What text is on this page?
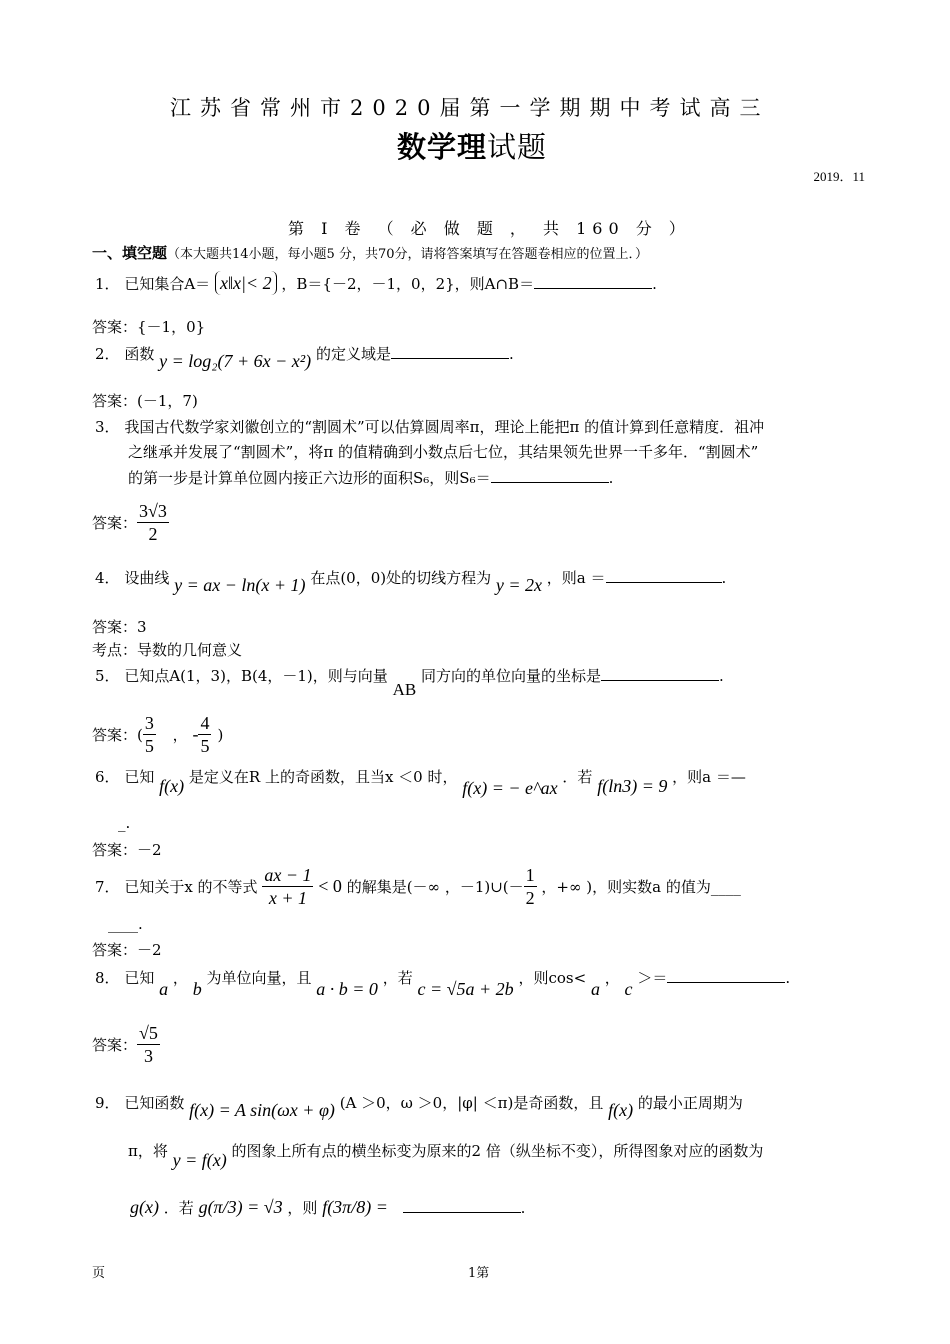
江苏省常州市2020届第一学期期中考试高三
数学理试题
2019．11
第 I 卷 （ 必 做 题 ， 共 160 分 ）
一、填空题（本大题共14小题，每小题5 分，共70分，请将答案填写在答题卷相应的位置上．）
1． 已知集合A＝ x‖x|< 2 ，B＝{－2，－1，0，2}，则A∩B＝	.
答案：{－1，0}
2． 函数 y = log₂(7 + 6x − x²) 的定义域是	.
答案：(－1，7)
3． 我国古代数学家刘徽创立的“割圆术”可以估算圆周率π，理论上能把π 的值计算到任意精度．祖冲
之继承并发展了“割圆术”，将π 的值精确到小数点后七位，其结果领先世界一千多年．“割圆术”
的第一步是计算单位圆内接正六边形的面积S₆，则S₆＝	.
答案： $\frac{3√3}{2}$
4． 设曲线 y = ax − ln(x + 1) 在点(0，0)处的切线方程为 y = 2x ，则a ＝	.
答案：3
考点：导数的几何意义
5． 已知点A(1，3)，B(4，－1)，则与向量 AB 同方向的单位向量的坐标是	.
答案：( $\frac{3}{5}$ ， - $\frac{4}{5}$ )
6． 已知 f(x) 是定义在R 上的奇函数，且当x ＜0 时， f(x) = − e^ax ．若 f(ln3) = 9 ，则a ＝—
_.
答案：－2
7． 已知关于x 的不等式 $\frac{ax - 1}{x + 1} < 0$ 的解集是(－∞ ，－1)∪(－ $\frac{1}{2}$ ，+∞ )，则实数a 的值为____
____.
答案：－2
8． 已知 a ， b 为单位向量，且 a · b = 0 ，若 c = √5a + 2b ，则cos< a ， c ＞＝	.
答案： $\frac{√5}{3}$
9． 已知函数 f(x) = A sin(ωx + φ) (A ＞0，ω ＞0，|φ| ＜π)是奇函数，且 f(x) 的最小正周期为
π，将 y = f(x) 的图象上所有点的横坐标变为原来的2 倍（纵坐标不变），所得图象对应的函数为
g(x) ．若 g(π/3) = √3 ，则 f(3π/8) =	.
页	1第
